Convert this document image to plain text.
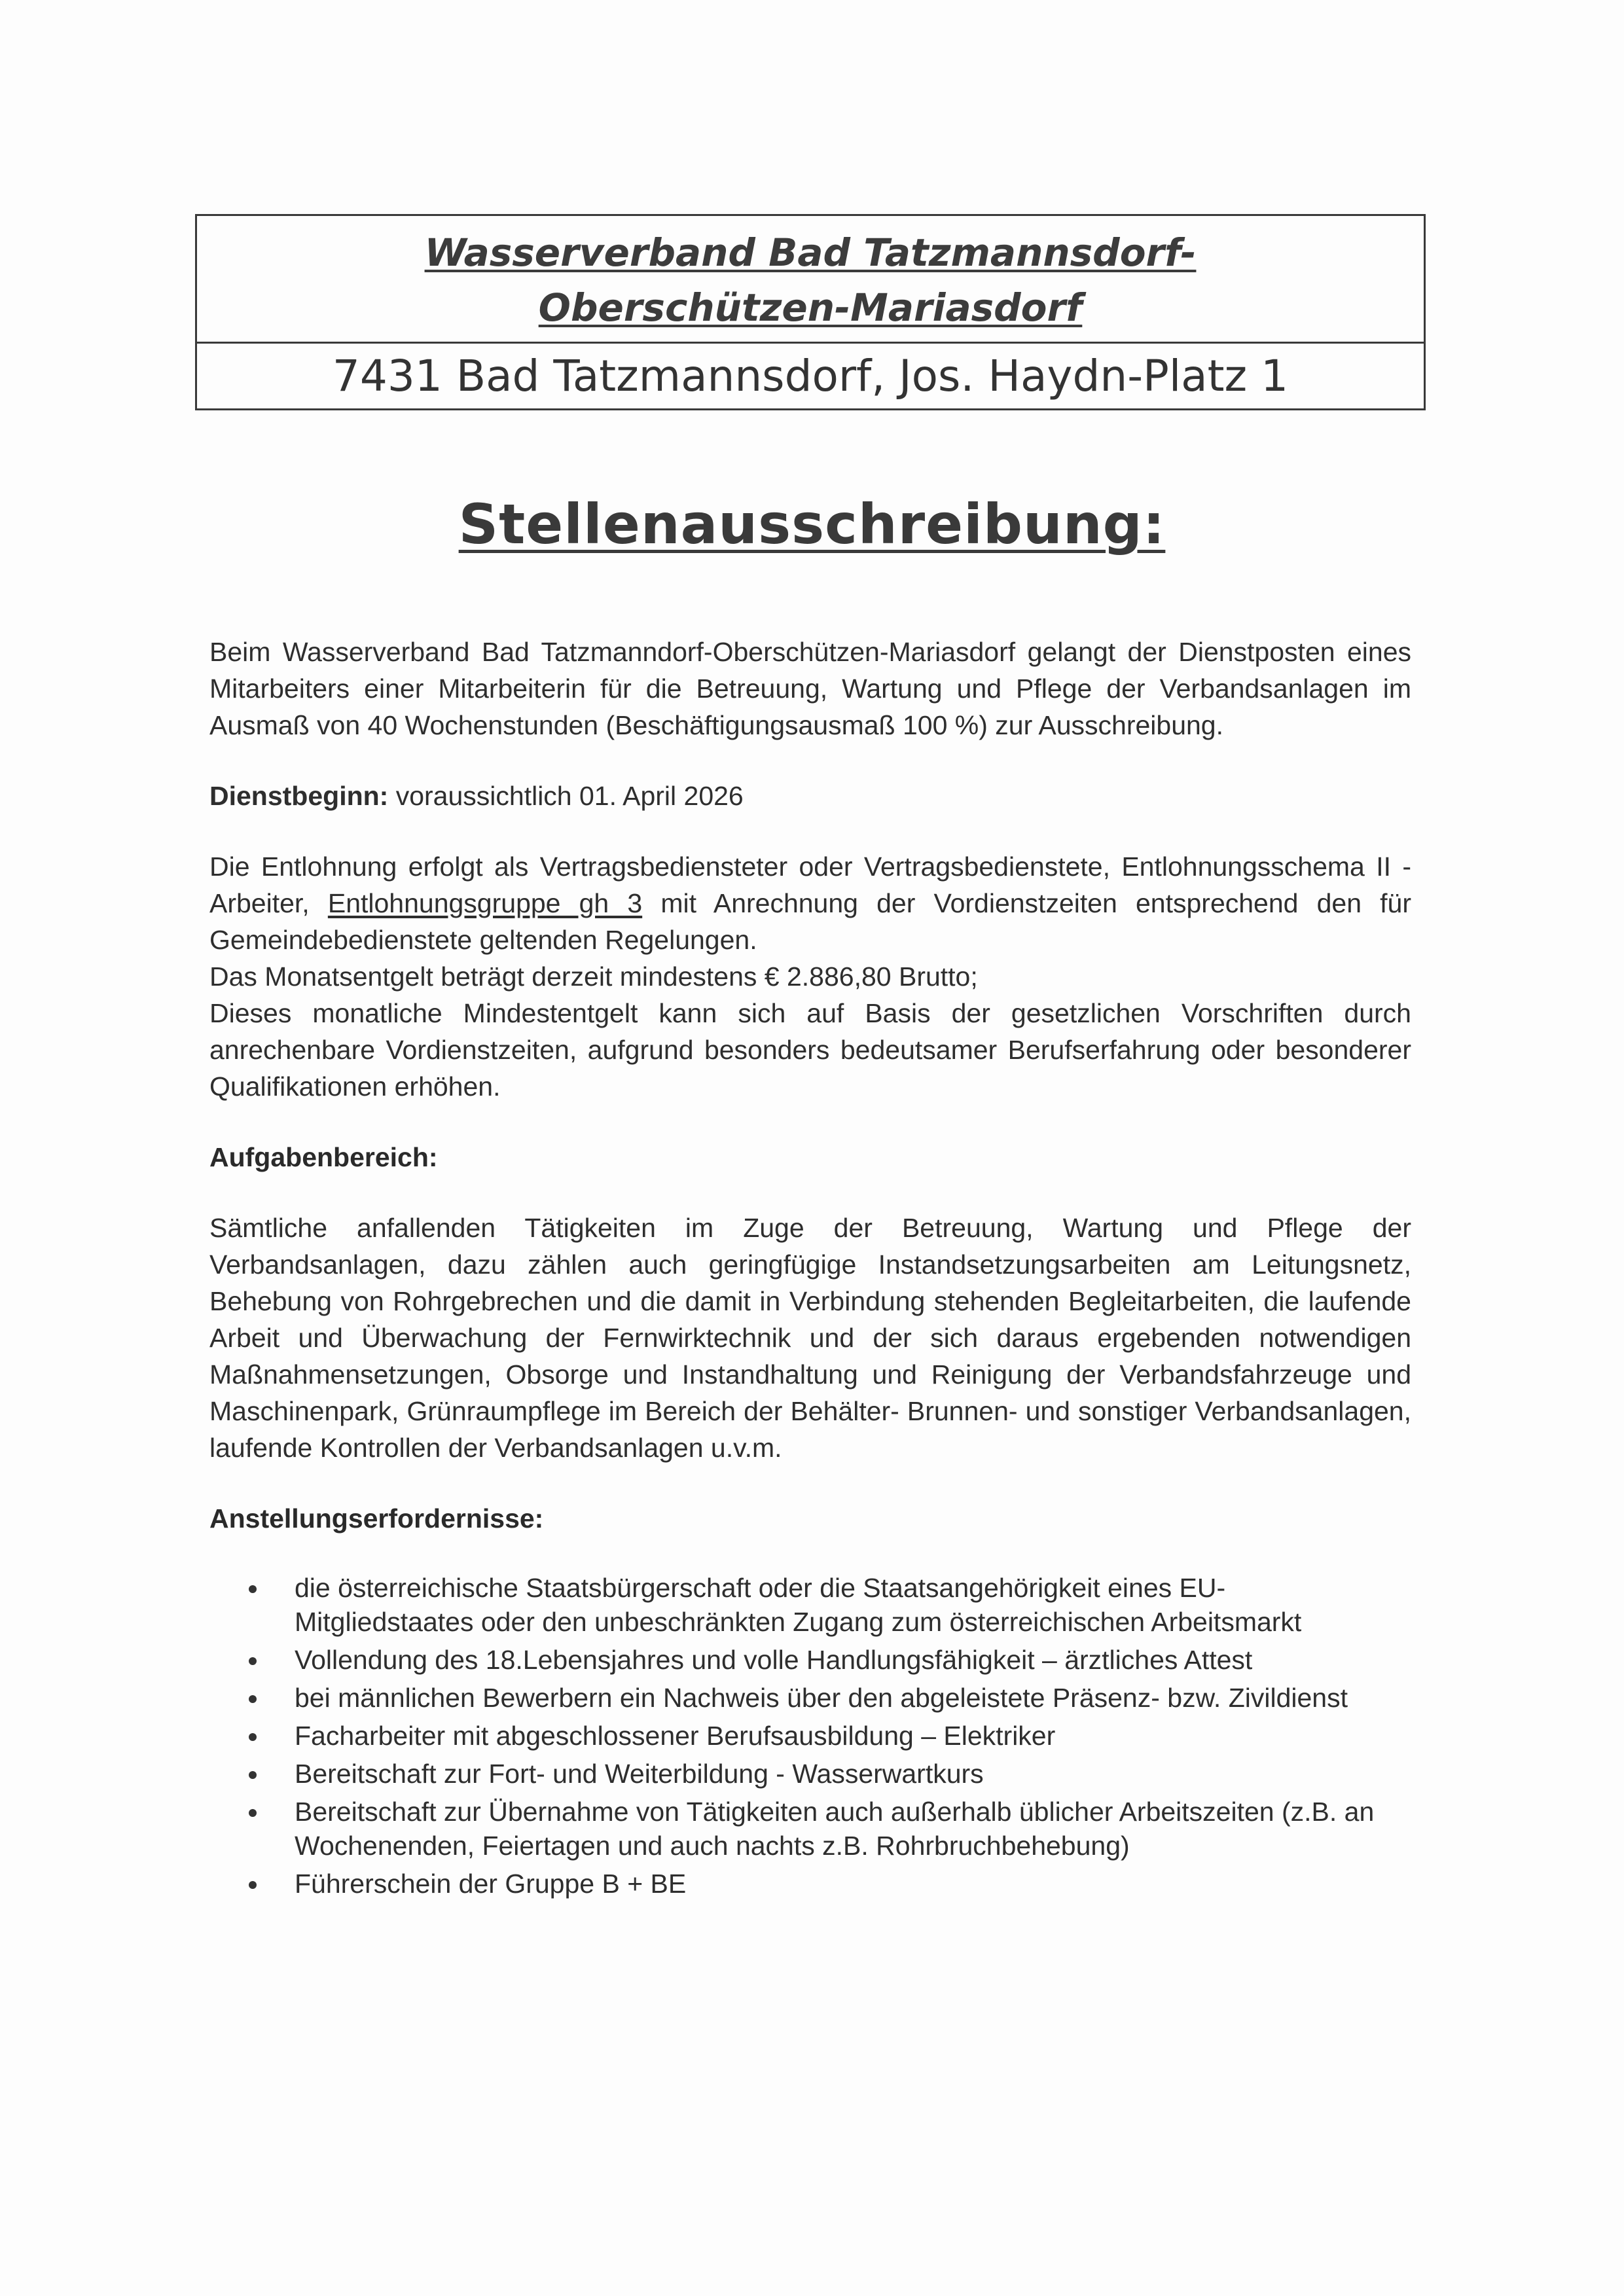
Wasserverband Bad Tatzmannsdorf-
Oberschützen-Mariasdorf
7431 Bad Tatzmannsdorf, Jos. Haydn-Platz 1
Stellenausschreibung:

Beim Wasserverband Bad Tatzmanndorf-Oberschützen-Mariasdorf gelangt der Dienstposten eines Mitarbeiters einer Mitarbeiterin für die Betreuung, Wartung und Pflege der Verbandsanlagen im Ausmaß von 40 Wochenstunden (Beschäftigungsausmaß 100 %) zur Ausschreibung.

Dienstbeginn: voraussichtlich 01. April 2026

Die Entlohnung erfolgt als Vertragsbediensteter oder Vertragsbedienstete, Entlohnungsschema II - Arbeiter, Entlohnungsgruppe gh 3 mit Anrechnung der Vordienstzeiten entsprechend den für Gemeindebedienstete geltenden Regelungen.

Das Monatsentgelt beträgt derzeit mindestens € 2.886,80 Brutto;

Dieses monatliche Mindestentgelt kann sich auf Basis der gesetzlichen Vorschriften durch anrechenbare Vordienstzeiten, aufgrund besonders bedeutsamer Berufserfahrung oder besonderer Qualifikationen erhöhen.

Aufgabenbereich:

Sämtliche anfallenden Tätigkeiten im Zuge der Betreuung, Wartung und Pflege der Verbandsanlagen, dazu zählen auch geringfügige Instandsetzungsarbeiten am Leitungsnetz, Behebung von Rohrgebrechen und die damit in Verbindung stehenden Begleitarbeiten, die laufende Arbeit und Überwachung der Fernwirktechnik und der sich daraus ergebenden notwendigen Maßnahmensetzungen, Obsorge und Instandhaltung und Reinigung der Verbandsfahrzeuge und Maschinenpark, Grünraumpflege im Bereich der Behälter- Brunnen- und sonstiger Verbandsanlagen, laufende Kontrollen der Verbandsanlagen u.v.m.

Anstellungserfordernisse:

die österreichische Staatsbürgerschaft oder die Staatsangehörigkeit eines EU-Mitgliedstaates oder den unbeschränkten Zugang zum österreichischen Arbeitsmarkt
Vollendung des 18.Lebensjahres und volle Handlungsfähigkeit – ärztliches Attest
bei männlichen Bewerbern ein Nachweis über den abgeleistete Präsenz- bzw. Zivildienst
Facharbeiter mit abgeschlossener Berufsausbildung – Elektriker
Bereitschaft zur Fort- und Weiterbildung - Wasserwartkurs
Bereitschaft zur Übernahme von Tätigkeiten auch außerhalb üblicher Arbeitszeiten (z.B. an Wochenenden, Feiertagen und auch nachts z.B. Rohrbruchbehebung)
Führerschein der Gruppe B + BE
